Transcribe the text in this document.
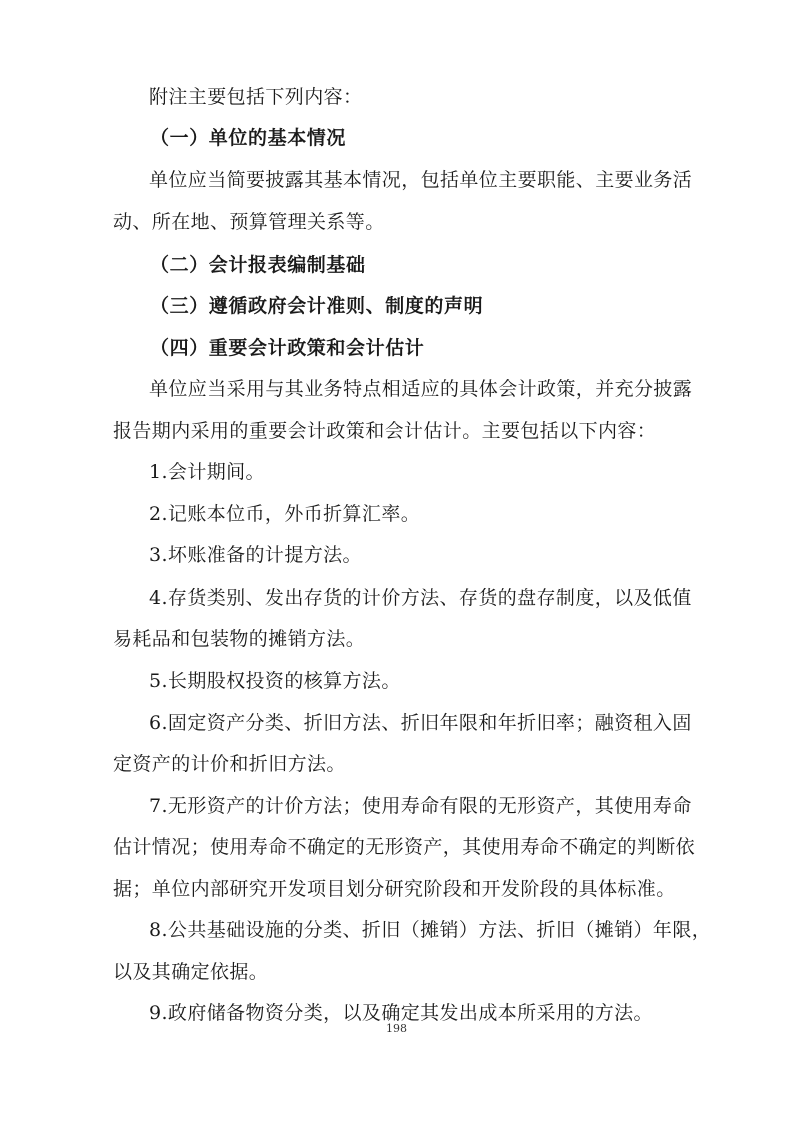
附注主要包括下列内容：
（一）单位的基本情况
单位应当简要披露其基本情况，包括单位主要职能、主要业务活
动、所在地、预算管理关系等。
（二）会计报表编制基础
（三）遵循政府会计准则、制度的声明
（四）重要会计政策和会计估计
单位应当采用与其业务特点相适应的具体会计政策，并充分披露
报告期内采用的重要会计政策和会计估计。主要包括以下内容：
1.会计期间。
2.记账本位币，外币折算汇率。
3.坏账准备的计提方法。
4.存货类别、发出存货的计价方法、存货的盘存制度，以及低值
易耗品和包装物的摊销方法。
5.长期股权投资的核算方法。
6.固定资产分类、折旧方法、折旧年限和年折旧率；融资租入固
定资产的计价和折旧方法。
7.无形资产的计价方法；使用寿命有限的无形资产，其使用寿命
估计情况；使用寿命不确定的无形资产，其使用寿命不确定的判断依
据；单位内部研究开发项目划分研究阶段和开发阶段的具体标准。
8.公共基础设施的分类、折旧（摊销）方法、折旧（摊销）年限，
以及其确定依据。
9.政府储备物资分类，以及确定其发出成本所采用的方法。
198
